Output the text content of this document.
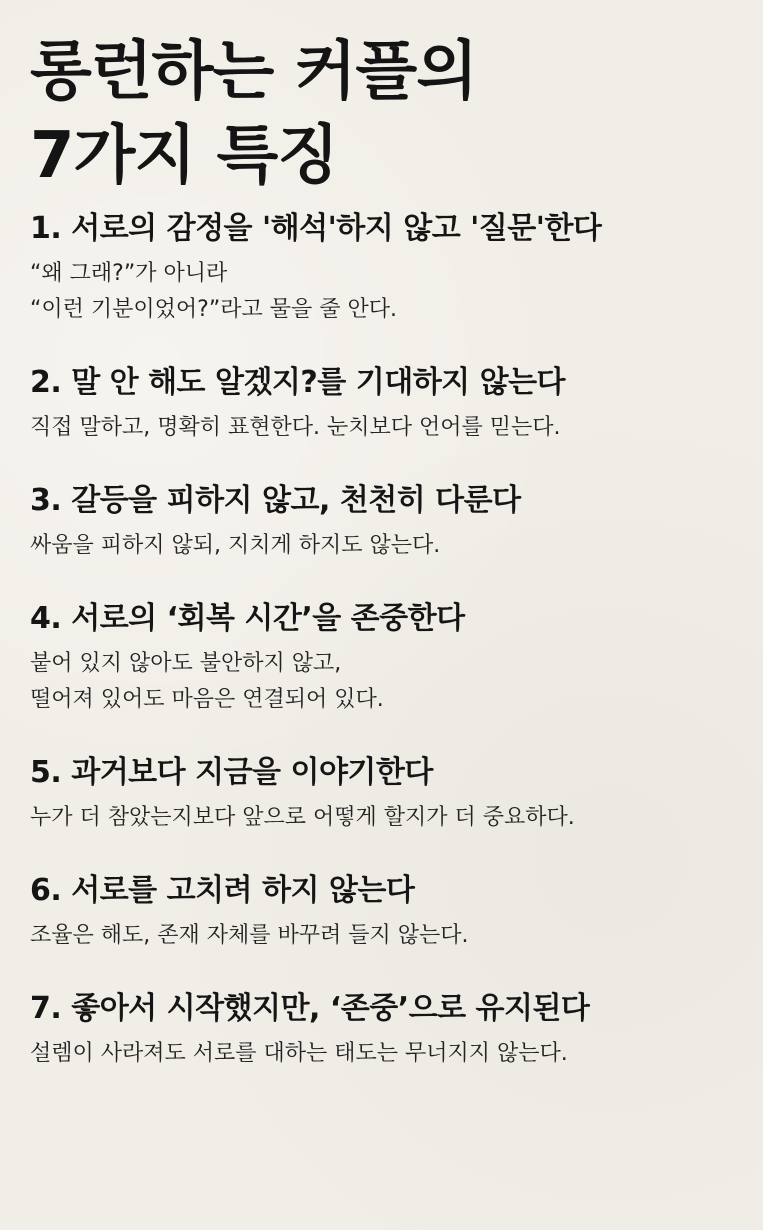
롱런하는 커플의
7가지 특징
1. 서로의 감정을 '해석'하지 않고 '질문'한다

“왜 그래?”가 아니라
“이런 기분이었어?”라고 물을 줄 안다.

2. 말 안 해도 알겠지?를 기대하지 않는다

직접 말하고, 명확히 표현한다. 눈치보다 언어를 믿는다.

3. 갈등을 피하지 않고, 천천히 다룬다

싸움을 피하지 않되, 지치게 하지도 않는다.

4. 서로의 ‘회복 시간’을 존중한다

붙어 있지 않아도 불안하지 않고,
떨어져 있어도 마음은 연결되어 있다.

5. 과거보다 지금을 이야기한다

누가 더 참았는지보다 앞으로 어떻게 할지가 더 중요하다.

6. 서로를 고치려 하지 않는다

조율은 해도, 존재 자체를 바꾸려 들지 않는다.

7. 좋아서 시작했지만, ‘존중’으로 유지된다

설렘이 사라져도 서로를 대하는 태도는 무너지지 않는다.
